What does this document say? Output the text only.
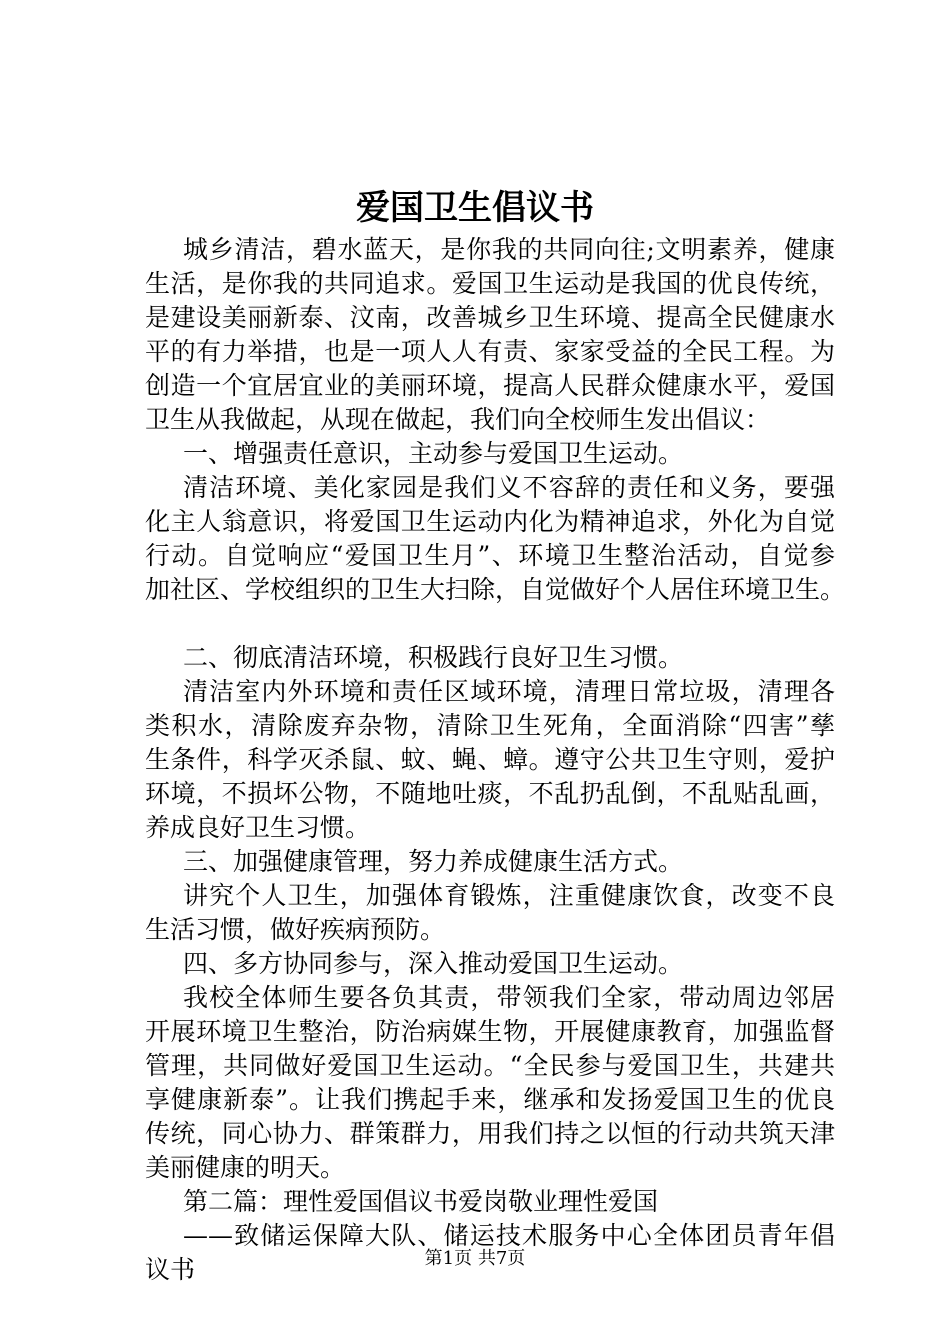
爱国卫生倡议书
城乡清洁，碧水蓝天，是你我的共同向往;文明素养，健康
生活，是你我的共同追求。爱国卫生运动是我国的优良传统，
是建设美丽新泰、汶南，改善城乡卫生环境、提高全民健康水
平的有力举措，也是一项人人有责、家家受益的全民工程。为
创造一个宜居宜业的美丽环境，提高人民群众健康水平，爱国
卫生从我做起，从现在做起，我们向全校师生发出倡议：
一、增强责任意识，主动参与爱国卫生运动。
清洁环境、美化家园是我们义不容辞的责任和义务，要强
化主人翁意识，将爱国卫生运动内化为精神追求，外化为自觉
行动。自觉响应“爱国卫生月”、环境卫生整治活动，自觉参
加社区、学校组织的卫生大扫除，自觉做好个人居住环境卫生。
二、彻底清洁环境，积极践行良好卫生习惯。
清洁室内外环境和责任区域环境，清理日常垃圾，清理各
类积水，清除废弃杂物，清除卫生死角，全面消除“四害”孳
生条件，科学灭杀鼠、蚊、蝇、蟑。遵守公共卫生守则，爱护
环境，不损坏公物，不随地吐痰，不乱扔乱倒，不乱贴乱画，
养成良好卫生习惯。
三、加强健康管理，努力养成健康生活方式。
讲究个人卫生，加强体育锻炼，注重健康饮食，改变不良
生活习惯，做好疾病预防。
四、多方协同参与，深入推动爱国卫生运动。
我校全体师生要各负其责，带领我们全家，带动周边邻居
开展环境卫生整治，防治病媒生物，开展健康教育，加强监督
管理，共同做好爱国卫生运动。“全民参与爱国卫生，共建共
享健康新泰”。让我们携起手来，继承和发扬爱国卫生的优良
传统，同心协力、群策群力，用我们持之以恒的行动共筑天津
美丽健康的明天。
第二篇：理性爱国倡议书爱岗敬业理性爱国
——致储运保障大队、储运技术服务中心全体团员青年倡
议书	第1页 共7页
